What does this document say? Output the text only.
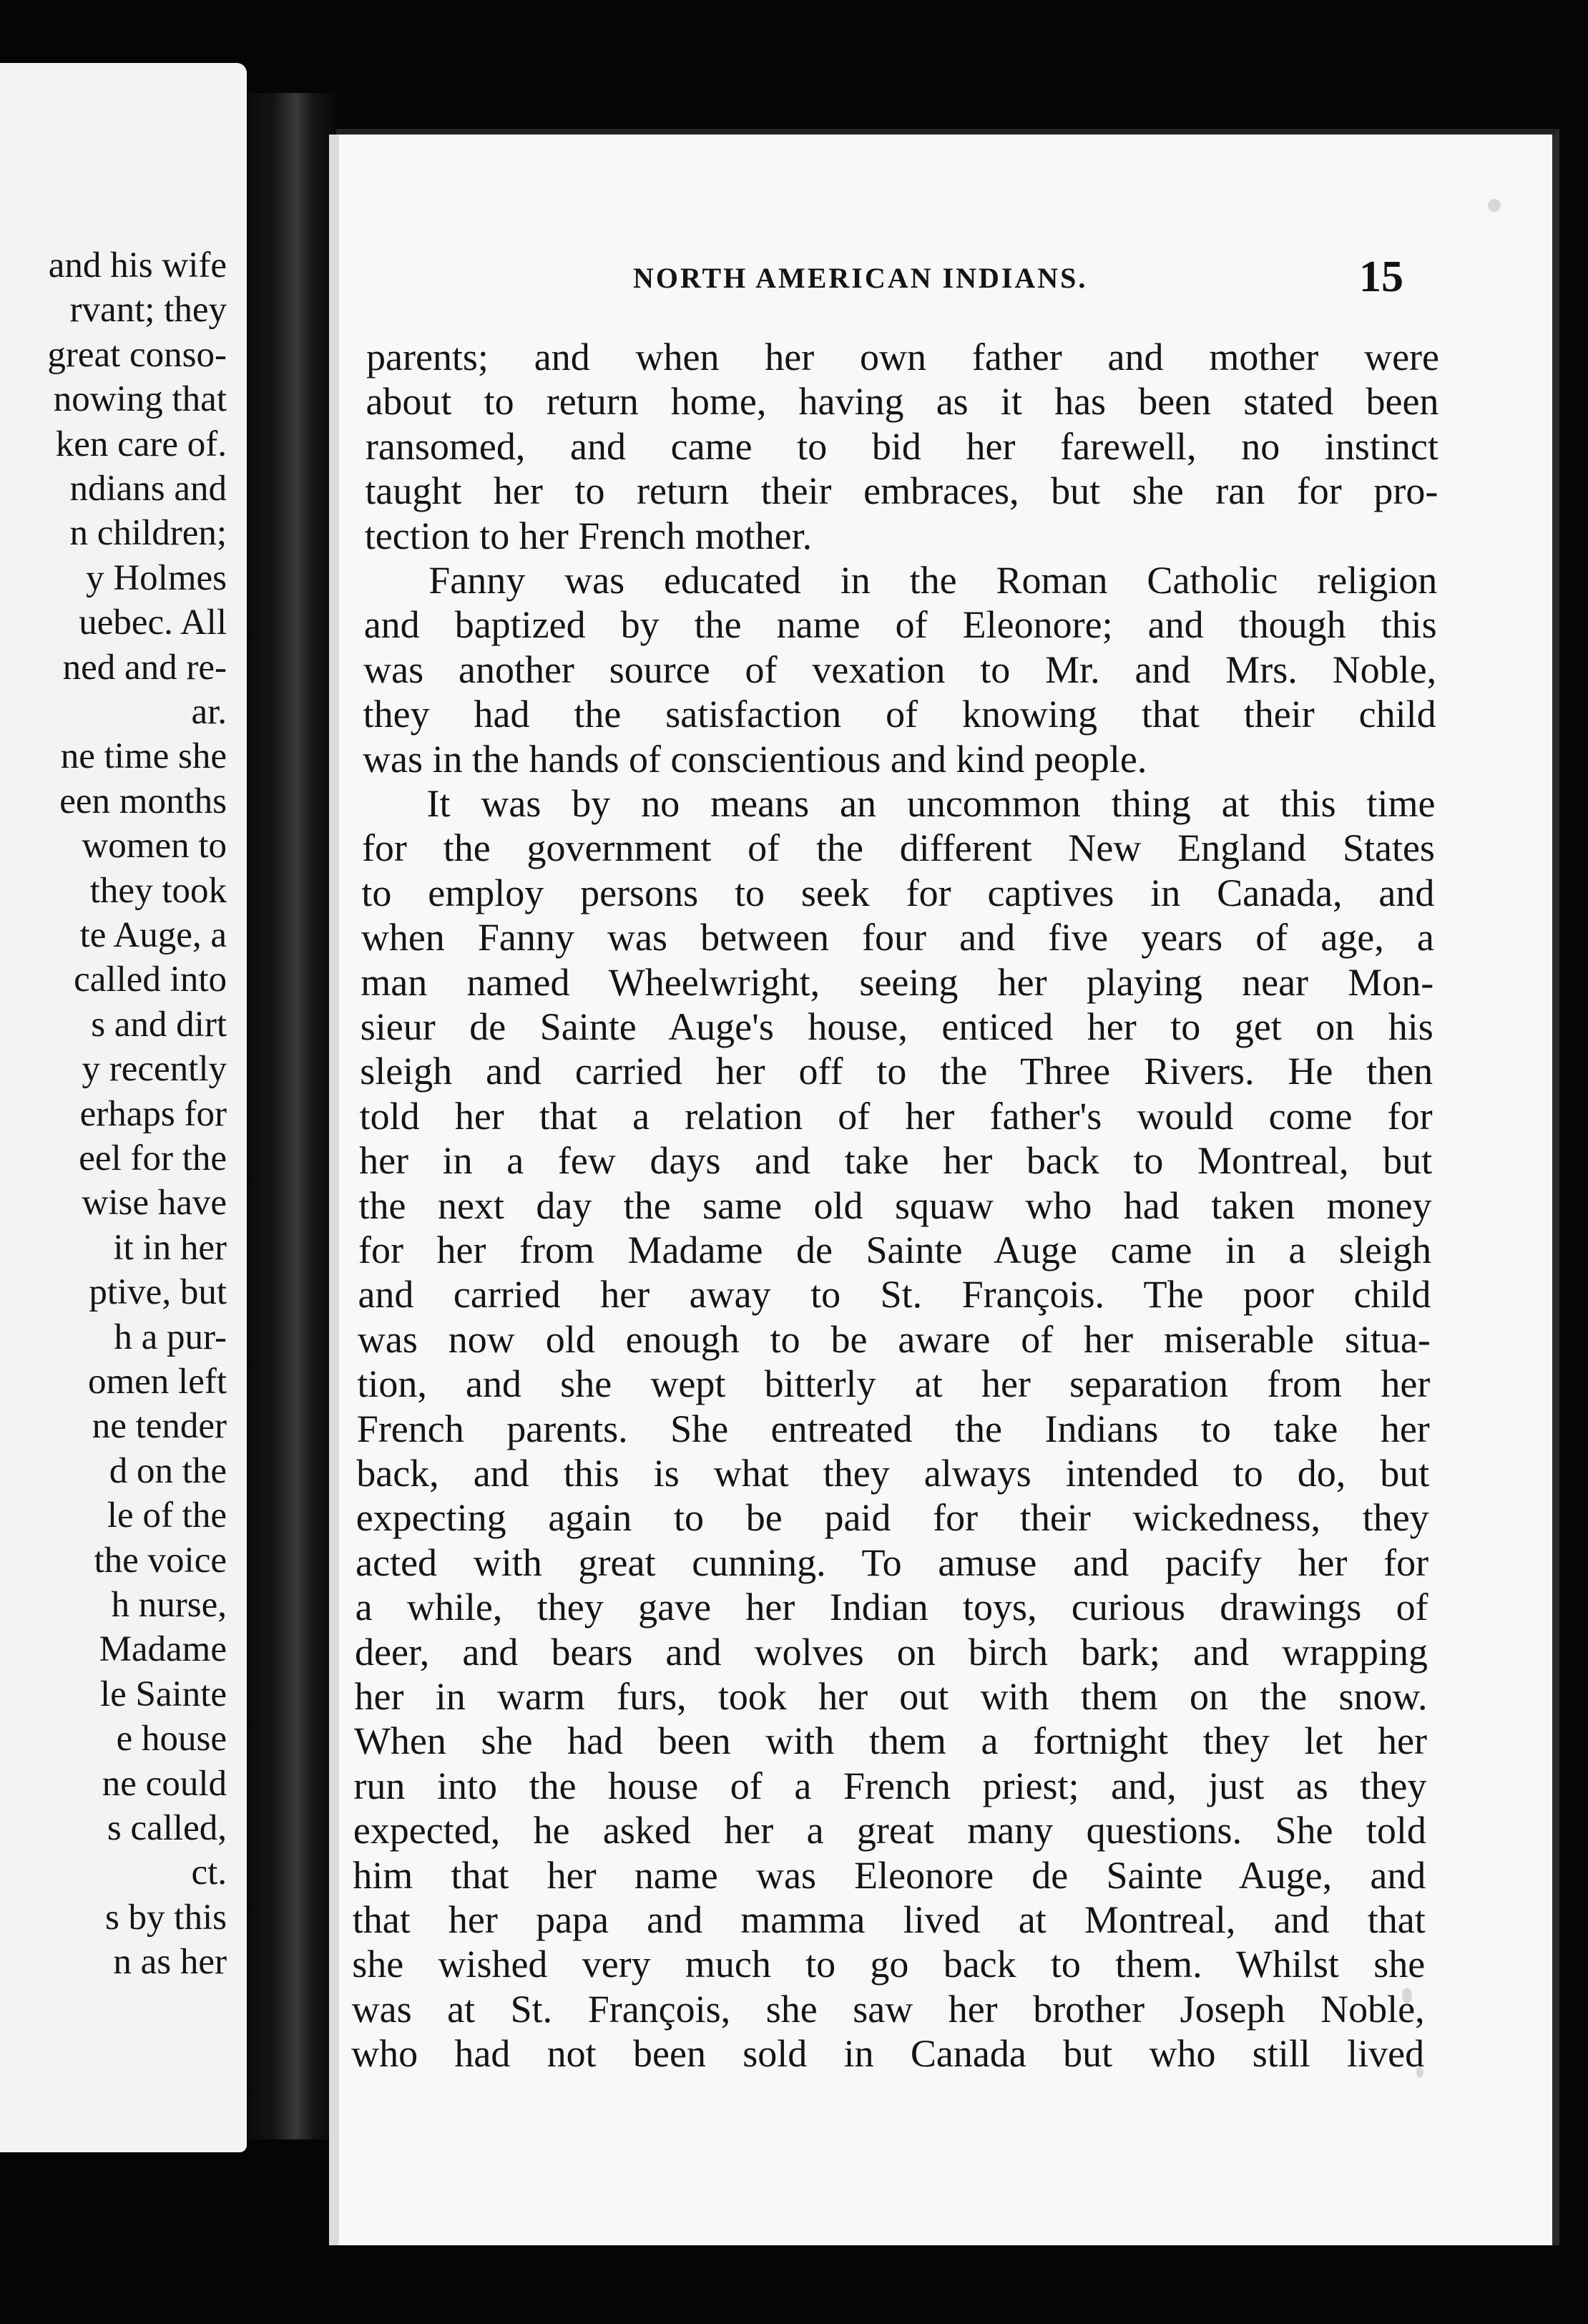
and his wife
rvant; they
great conso-
nowing that
ken care of.
ndians and
n children;
y Holmes
uebec. All
ned and re-
ar.
ne time she
een months
women to
they took
te Auge, a
called into
s and dirt
y recently
erhaps for
eel for the
wise have
it in her
ptive, but
h a pur-
omen left
ne tender
d on the
le of the
the voice
h nurse,
Madame
le Sainte
e house
ne could
s called,
ct.
s by this
n as her
NORTH AMERICAN INDIANS.	15
parents; and when her own father and mother were
about to return home, having as it has been stated been
ransomed, and came to bid her farewell, no instinct
taught her to return their embraces, but she ran for pro-
tection to her French mother.
Fanny was educated in the Roman Catholic religion
and baptized by the name of Eleonore; and though this
was another source of vexation to Mr. and Mrs. Noble,
they had the satisfaction of knowing that their child
was in the hands of conscientious and kind people.
It was by no means an uncommon thing at this time
for the government of the different New England States
to employ persons to seek for captives in Canada, and
when Fanny was between four and five years of age, a
man named Wheelwright, seeing her playing near Mon-
sieur de Sainte Auge's house, enticed her to get on his
sleigh and carried her off to the Three Rivers. He then
told her that a relation of her father's would come for
her in a few days and take her back to Montreal, but
the next day the same old squaw who had taken money
for her from Madame de Sainte Auge came in a sleigh
and carried her away to St. François. The poor child
was now old enough to be aware of her miserable situa-
tion, and she wept bitterly at her separation from her
French parents. She entreated the Indians to take her
back, and this is what they always intended to do, but
expecting again to be paid for their wickedness, they
acted with great cunning. To amuse and pacify her for
a while, they gave her Indian toys, curious drawings of
deer, and bears and wolves on birch bark; and wrapping
her in warm furs, took her out with them on the snow.
When she had been with them a fortnight they let her
run into the house of a French priest; and, just as they
expected, he asked her a great many questions. She told
him that her name was Eleonore de Sainte Auge, and
that her papa and mamma lived at Montreal, and that
she wished very much to go back to them. Whilst she
was at St. François, she saw her brother Joseph Noble,
who had not been sold in Canada but who still lived
